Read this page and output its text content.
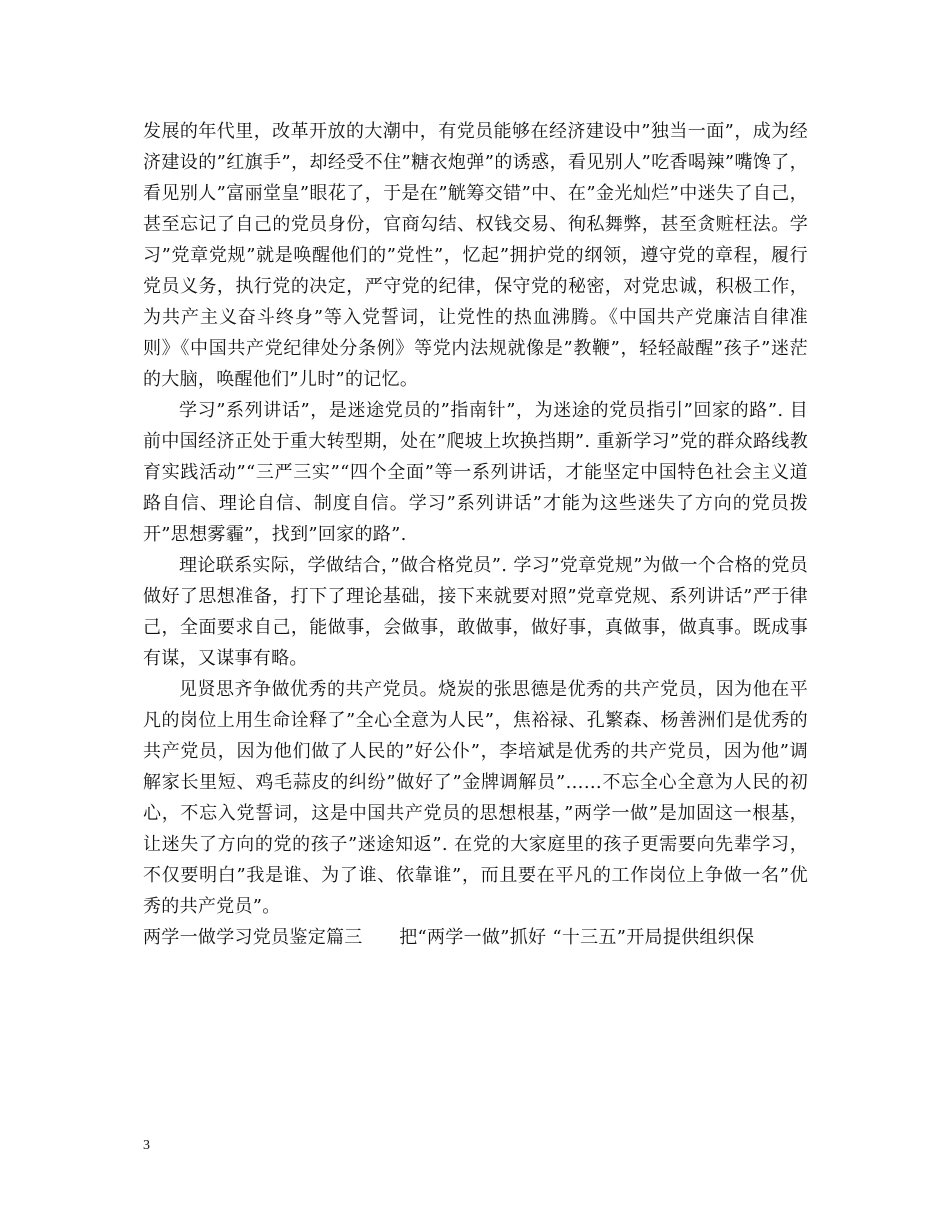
发展的年代里，改革开放的大潮中，有党员能够在经济建设中”独当一面”，成为经济建设的”红旗手”，却经受不住”糖衣炮弹”的诱惑，看见别人”吃香喝辣”嘴馋了，看见别人”富丽堂皇”眼花了，于是在”觥筹交错”中、在”金光灿烂”中迷失了自己，甚至忘记了自己的党员身份，官商勾结、权钱交易、徇私舞弊，甚至贪赃枉法。学习”党章党规”就是唤醒他们的”党性”，忆起”拥护党的纲领，遵守党的章程，履行党员义务，执行党的决定，严守党的纪律，保守党的秘密，对党忠诚，积极工作，为共产主义奋斗终身”等入党誓词，让党性的热血沸腾。《中国共产党廉洁自律准则》《中国共产党纪律处分条例》等党内法规就像是”教鞭”，轻轻敲醒”孩子”迷茫的大脑，唤醒他们”儿时”的记忆。

学习”系列讲话”，是迷途党员的”指南针”，为迷途的党员指引”回家的路”. 目前中国经济正处于重大转型期，处在”爬坡上坎换挡期”. 重新学习”党的群众路线教育实践活动”“三严三实”“四个全面”等一系列讲话，才能坚定中国特色社会主义道路自信、理论自信、制度自信。学习”系列讲话”才能为这些迷失了方向的党员拨开”思想雾霾”，找到”回家的路”.

理论联系实际，学做结合，”做合格党员”. 学习”党章党规”为做一个合格的党员做好了思想准备，打下了理论基础，接下来就要对照”党章党规、系列讲话”严于律己，全面要求自己，能做事，会做事，敢做事，做好事，真做事，做真事。既成事有谋，又谋事有略。

见贤思齐争做优秀的共产党员。烧炭的张思德是优秀的共产党员，因为他在平凡的岗位上用生命诠释了”全心全意为人民”，焦裕禄、孔繁森、杨善洲们是优秀的共产党员，因为他们做了人民的”好公仆”，李培斌是优秀的共产党员，因为他”调解家长里短、鸡毛蒜皮的纠纷”做好了”金牌调解员”……不忘全心全意为人民的初心，不忘入党誓词，这是中国共产党员的思想根基，”两学一做”是加固这一根基，让迷失了方向的党的孩子”迷途知返”. 在党的大家庭里的孩子更需要向先辈学习，不仅要明白”我是谁、为了谁、依靠谁”，而且要在平凡的工作岗位上争做一名”优秀的共产党员”。

两学一做学习党员鉴定篇三　　把“两学一做”抓好 “十三五”开局提供组织保

3
